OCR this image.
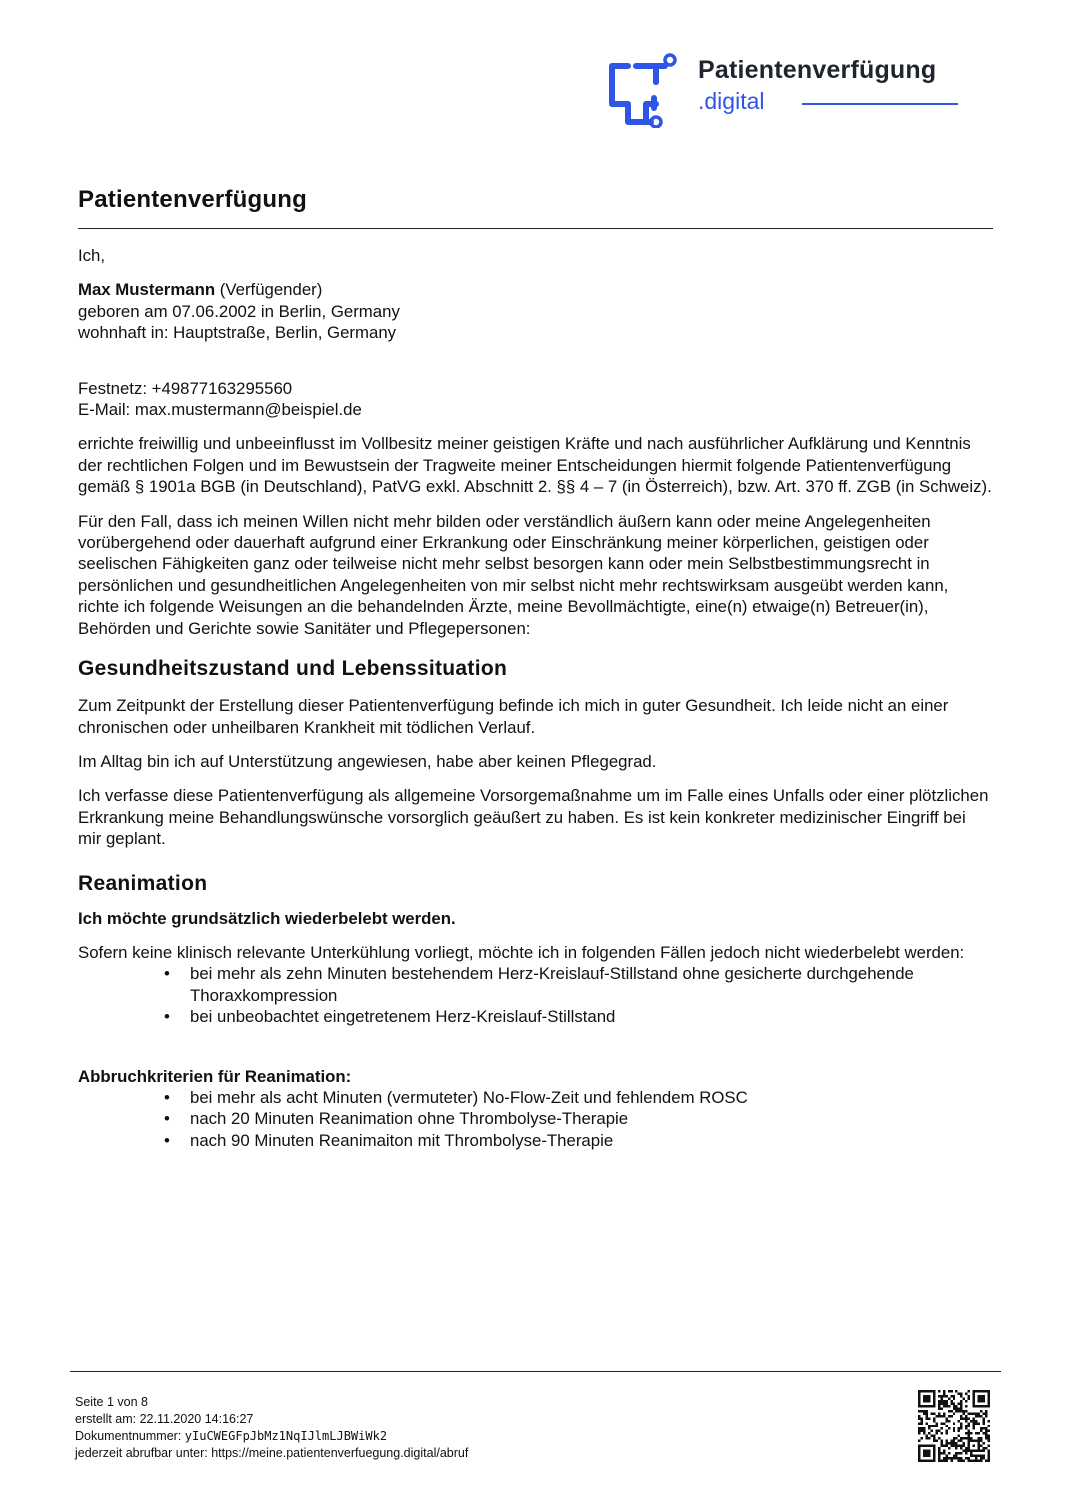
Patientenverfügung
.digital
Patientenverfügung

Ich,

Max Mustermann (Verfügender)

geboren am 07.06.2002 in Berlin, Germany

wohnhaft in: Hauptstraße, Berlin, Germany

Festnetz: +49877163295560

E-Mail: max.mustermann@beispiel.de

errichte freiwillig und unbeeinflusst im Vollbesitz meiner geistigen Kräfte und nach ausführlicher Aufklärung und Kenntnis der rechtlichen Folgen und im Bewustsein der Tragweite meiner Entscheidungen hiermit folgende Patientenverfügung gemäß § 1901a BGB (in Deutschland), PatVG exkl. Abschnitt 2. §§ 4 – 7 (in Österreich), bzw. Art. 370 ff. ZGB (in Schweiz).

Für den Fall, dass ich meinen Willen nicht mehr bilden oder verständlich äußern kann oder meine Angelegenheiten vorübergehend oder dauerhaft aufgrund einer Erkrankung oder Einschränkung meiner körperlichen, geistigen oder seelischen Fähigkeiten ganz oder teilweise nicht mehr selbst besorgen kann oder mein Selbstbestimmungsrecht in persönlichen und gesundheitlichen Angelegenheiten von mir selbst nicht mehr rechtswirksam ausgeübt werden kann, richte ich folgende Weisungen an die behandelnden Ärzte, meine Bevollmächtigte, eine(n) etwaige(n) Betreuer(in), Behörden und Gerichte sowie Sanitäter und Pflegepersonen:

Gesundheitszustand und Lebenssituation

Zum Zeitpunkt der Erstellung dieser Patientenverfügung befinde ich mich in guter Gesundheit. Ich leide nicht an einer chronischen oder unheilbaren Krankheit mit tödlichen Verlauf.

Im Alltag bin ich auf Unterstützung angewiesen, habe aber keinen Pflegegrad.

Ich verfasse diese Patientenverfügung als allgemeine Vorsorgemaßnahme um im Falle eines Unfalls oder einer plötzlichen Erkrankung meine Behandlungswünsche vorsorglich geäußert zu haben. Es ist kein konkreter medizinischer Eingriff bei mir geplant.

Reanimation

Ich möchte grundsätzlich wiederbelebt werden.

Sofern keine klinisch relevante Unterkühlung vorliegt, möchte ich in folgenden Fällen jedoch nicht wiederbelebt werden:

• bei mehr als zehn Minuten bestehendem Herz-Kreislauf-Stillstand ohne gesicherte durchgehende Thoraxkompression
• bei unbeobachtet eingetretenem Herz-Kreislauf-Stillstand

Abbruchkriterien für Reanimation:

• bei mehr als acht Minuten (vermuteter) No-Flow-Zeit und fehlendem ROSC
• nach 20 Minuten Reanimation ohne Thrombolyse-Therapie
• nach 90 Minuten Reanimaiton mit Thrombolyse-Therapie
Seite 1 von 8
erstellt am: 22.11.2020 14:16:27
Dokumentnummer: yIuCWEGFpJbMz1NqIJlmLJBWiWk2
jederzeit abrufbar unter: https://meine.patientenverfuegung.digital/abruf
